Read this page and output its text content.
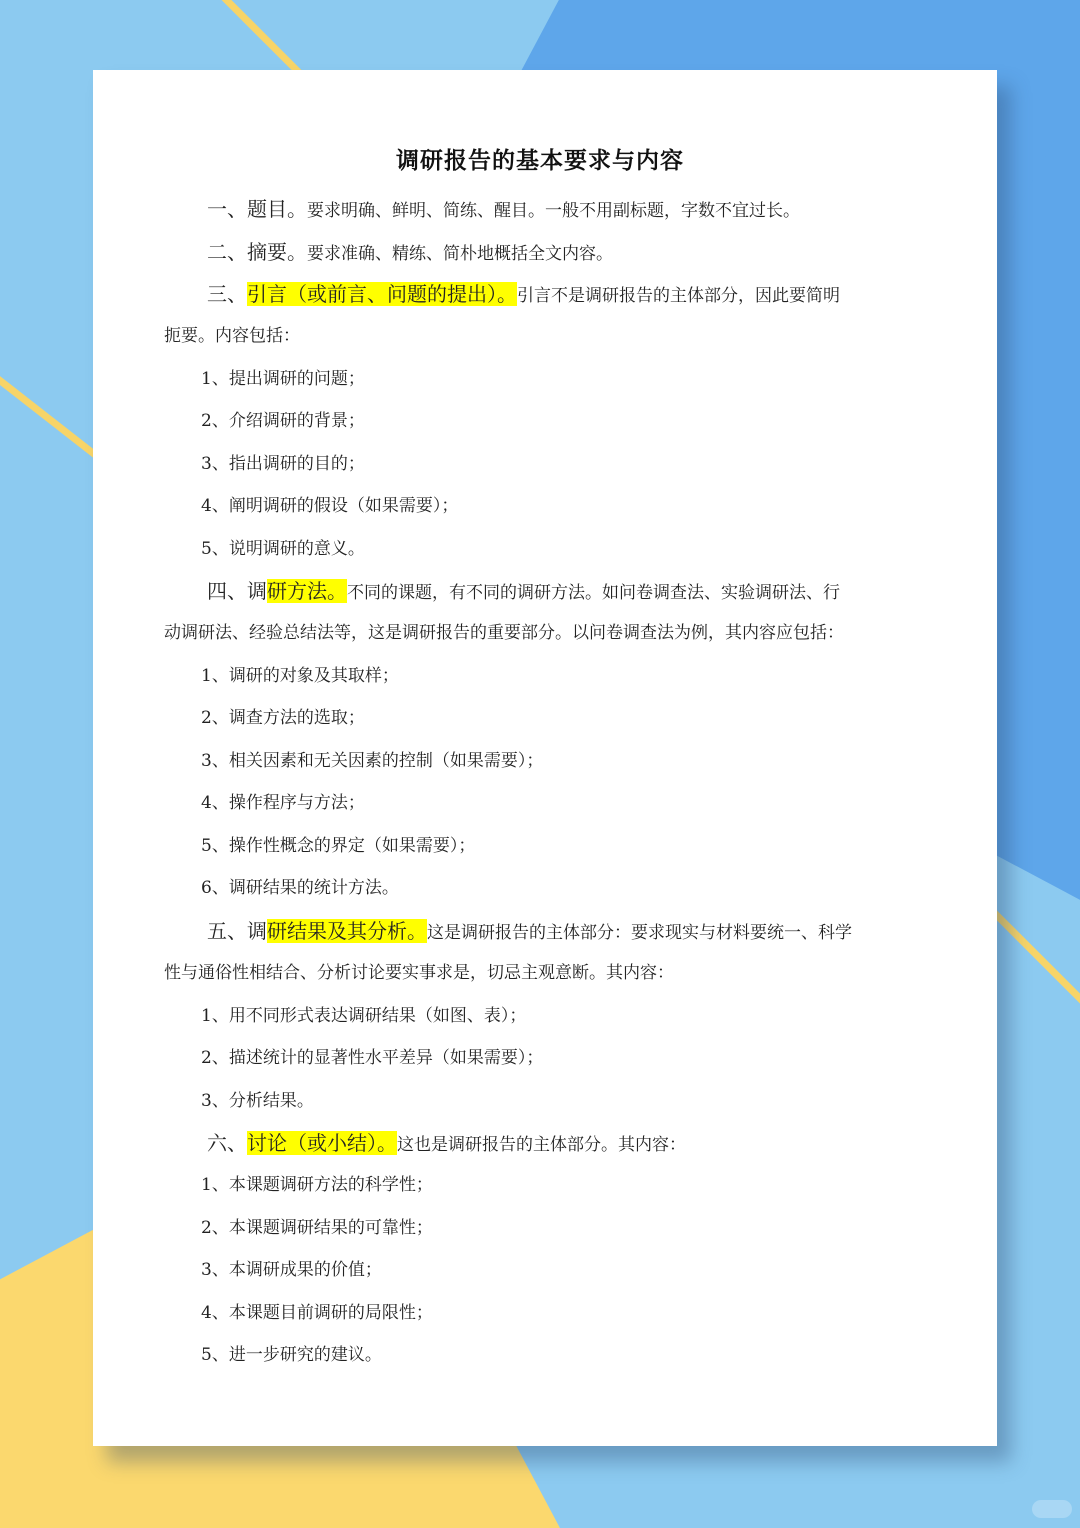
调研报告的基本要求与内容
一、题目。要求明确、鲜明、简练、醒目。一般不用副标题，字数不宜过长。
二、摘要。要求准确、精练、简朴地概括全文内容。
三、引言（或前言、问题的提出）。引言不是调研报告的主体部分，因此要简明
扼要。内容包括：
1、提出调研的问题；
2、介绍调研的背景；
3、指出调研的目的；
4、阐明调研的假设（如果需要）；
5、说明调研的意义。
四、调研方法。不同的课题，有不同的调研方法。如问卷调查法、实验调研法、行
动调研法、经验总结法等，这是调研报告的重要部分。以问卷调查法为例，其内容应包括：
1、调研的对象及其取样；
2、调查方法的选取；
3、相关因素和无关因素的控制（如果需要）；
4、操作程序与方法；
5、操作性概念的界定（如果需要）；
6、调研结果的统计方法。
五、调研结果及其分析。这是调研报告的主体部分：要求现实与材料要统一、科学
性与通俗性相结合、分析讨论要实事求是，切忌主观意断。其内容：
1、用不同形式表达调研结果（如图、表）；
2、描述统计的显著性水平差异（如果需要）；
3、分析结果。
六、讨论（或小结）。这也是调研报告的主体部分。其内容：
1、本课题调研方法的科学性；
2、本课题调研结果的可靠性；
3、本调研成果的价值；
4、本课题目前调研的局限性；
5、进一步研究的建议。
